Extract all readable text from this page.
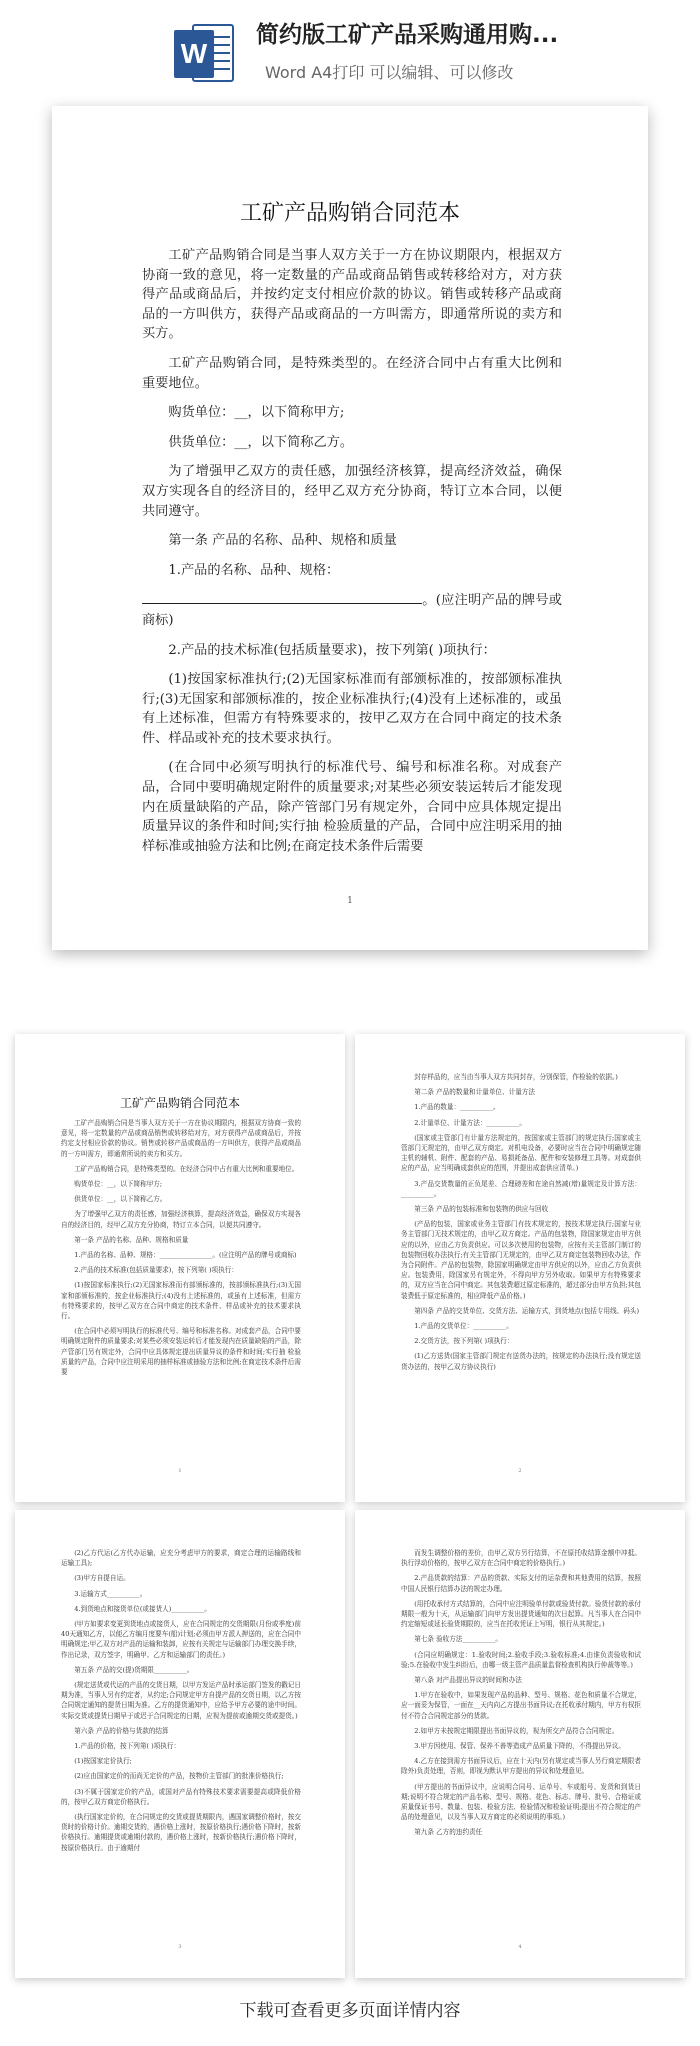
W
简约版工矿产品采购通用购...
Word A4打印 可以编辑、可以修改
工矿产品购销合同范本

工矿产品购销合同是当事人双方关于一方在协议期限内，根据双方协商一致的意见，将一定数量的产品或商品销售或转移给对方，对方获得产品或商品后，并按约定支付相应价款的协议。销售或转移产品或商品的一方叫供方，获得产品或商品的一方叫需方，即通常所说的卖方和买方。

工矿产品购销合同，是特殊类型的。在经济合同中占有重大比例和重要地位。

购货单位：__，以下简称甲方;

供货单位：__，以下简称乙方。

为了增强甲乙双方的责任感，加强经济核算，提高经济效益，确保双方实现各自的经济目的，经甲乙双方充分协商，特订立本合同，以便共同遵守。

第一条 产品的名称、品种、规格和质量

1.产品的名称、品种、规格：

。(应注明产品的牌号或商标)

2.产品的技术标准(包括质量要求)，按下列第( )项执行：

(1)按国家标准执行;(2)无国家标准而有部颁标准的，按部颁标准执行;(3)无国家和部颁标准的，按企业标准执行;(4)没有上述标准的，或虽有上述标准，但需方有特殊要求的，按甲乙双方在合同中商定的技术条件、样品或补充的技术要求执行。

(在合同中必须写明执行的标准代号、编号和标准名称。对成套产品，合同中要明确规定附件的质量要求;对某些必须安装运转后才能发现内在质量缺陷的产品，除产管部门另有规定外，合同中应具体规定提出质量异议的条件和时间;实行抽 检验质量的产品，合同中应注明采用的抽样标准或抽验方法和比例;在商定技术条件后需要

1
工矿产品购销合同范本

工矿产品购销合同是当事人双方关于一方在协议期限内，根据双方协商一致的意见，将一定数量的产品或商品销售或转移给对方，对方获得产品或商品后，并按约定支付相应价款的协议。销售或转移产品或商品的一方叫供方，获得产品或商品的一方叫需方，即通常所说的卖方和买方。

工矿产品购销合同，是特殊类型的。在经济合同中占有重大比例和重要地位。

购货单位：__，以下简称甲方;

供货单位：__，以下简称乙方。

为了增强甲乙双方的责任感，加强经济核算，提高经济效益，确保双方实现各自的经济目的，经甲乙双方充分协商，特订立本合同，以便共同遵守。

第一条 产品的名称、品种、规格和质量

1.产品的名称、品种、规格：________________。(应注明产品的牌号或商标)

2.产品的技术标准(包括质量要求)，按下列第( )项执行：

(1)按国家标准执行;(2)无国家标准而有部颁标准的，按部颁标准执行;(3)无国家和部颁标准的，按企业标准执行;(4)没有上述标准的，或虽有上述标准，但需方有特殊要求的，按甲乙双方在合同中商定的技术条件、样品或补充的技术要求执行。

(在合同中必须写明执行的标准代号、编号和标准名称。对成套产品，合同中要明确规定附件的质量要求;对某些必须安装运转后才能发现内在质量缺陷的产品，除产管部门另有规定外，合同中应具体规定提出质量异议的条件和时间;实行抽 检验质量的产品，合同中应注明采用的抽样标准或抽验方法和比例;在商定技术条件后需要

1

封存样品的，应当由当事人双方共同封存，分别保管，作检验的依据。)

第二条 产品的数量和计量单位、计量方法

1.产品的数量：__________。

2.计量单位、计量方法：__________。

(国家或主管部门有计量方法规定的，按国家或主管部门的规定执行;国家或主管部门无规定的，由甲乙双方商定。对机电设备，必要时应当在合同中明确规定随主机的辅机、附件、配套的产品、易损耗备品、配件和安装修理工具等。对成套供应的产品，应当明确成套供应的范围，并提出成套供应清单。)

3.产品交货数量的正负尾差、合理磅差和在途自然减(增)量规定及计算方法：__________。

第三条 产品的包装标准和包装物的供应与回收

(产品的包装，国家或业务主管部门有技术规定的，按技术规定执行;国家与业务主管部门无技术规定的，由甲乙双方商定。产品的包装物，除国家规定由甲方供应的以外，应由乙方负责供应。可以多次使用的包装物，应按有关主管部门制订的包装物回收办法执行;有关主管部门无规定的，由甲乙双方商定包装物回收办法，作为合同附件。产品的包装物，除国家明确规定由甲方供应的以外，应由乙方负责供应。包装费用，除国家另有规定外，不得向甲方另外收取。如果甲方有特殊要求的，双方应当在合同中商定。其包装费超过原定标准的，超过部分由甲方负担;其包装费低于原定标准的，相应降低产品价格。)

第四条 产品的交货单位、交货方法、运输方式，到货地点(包括专用线、码头)

1.产品的交货单位：__________。

2.交货方法，按下列第( )项执行：

(1)乙方送货(国家主管部门规定有送货办法的，按规定的办法执行;没有规定送货办法的，按甲乙双方协议执行)

2

(2)乙方代运(乙方代办运输，应充分考虑甲方的要求，商定合理的运输路线和运输工具);

(3)甲方自提自运。

3.运输方式__________。

4.到货地点和接货单位(或接货人)__________。

(甲方如要求变更到货地点或接货人，应在合同规定的交货期限(月份或季度)前40天通知乙方，以便乙方编月度要车(船)计划;必须由甲方派人押送的，应在合同中明确规定;甲乙双方对产品的运输和装卸，应按有关规定与运输部门办理交换手续，作出记录，双方签字，明确甲、乙方和运输部门的责任。)

第五条 产品的交(提)货期限__________。

(规定送货或代运的产品的交货日期，以甲方发运产品时承运部门签发的戳记日期为准，当事人另有约定者，从约定;合同规定甲方自提产品的交货日期，以乙方按合同规定通知的提货日期为准。乙方的提货通知中，应给予甲方必要的途中时间。实际交货或提货日期早于或迟于合同规定的日期，应视为提前或逾期交货或提货。)

第六条 产品的价格与货款的结算

1.产品的价格，按下列第( )项执行：

(1)按国家定价执行;

(2)应由国家定价的而尚无定价的产品，按物价主管部门的批准价格执行;

(3)不属于国家定价的产品，或国对产品有特殊技术要求需要提高或降低价格的，按甲乙双方商定价格执行。

(执行国家定价的，在合同规定的交货或提货期限内，遇国家调整价格时，按交货时的价格计价。逾期交货的，遇价格上涨时，按原价格执行;遇价格下降时，按新价格执行。逾期提货或逾期付款的，遇价格上涨时，按新价格执行;遇价格下降时，按原价格执行。由于逾期付

3

而发生调整价格的差价，由甲乙双方另行结算，不在原托收结算金额中冲抵。执行浮动价格的，按甲乙双方在合同中商定的价格执行。)

2.产品货款的结算：产品的货款、实际支付的运杂费和其他费用的结算，按照中国人民银行结算办法的规定办理。

(用托收承付方式结算的，合同中应注明验单付款或验货付款。验货付款的承付期限一般为十天，从运输部门向甲方发出提货通知的次日起算。凡当事人在合同中约定缩短或延长验货期限的，应当在托收凭证上写明，银行从其规定。)

第七条 验收方法__________。

(合同应明确规定：1.验收时间;2.验收手段;3.验收标准;4.由谁负责验收和试验;5.在验收中发生纠纷后，由哪一级主管产品质量监督检查机构执行仲裁等等。)

第八条 对产品提出异议的时间和办法

1.甲方在验收中，如果发现产品的品种、型号、规格、花色和质量不合规定，应一面妥为保管，一面在__天内向乙方提出书面异议;在托收承付期内，甲方有权拒付不符合合同规定部分的货款。

2.如甲方未按规定期限提出书面异议的，视为所交产品符合合同规定。

3.甲方因使用、保管、保养不善等造成产品质量下降的，不得提出异议。

4.乙方在接到需方书面异议后，应在十天内(另有规定或当事人另行商定期限者除外)负责处理，否则，即视为默认甲方提出的异议和处理意见。

(甲方提出的书面异议中，应说明合同号、运单号、车或船号、发货和到货日期;说明不符合规定的产品名称、型号、规格、花色、标志、牌号、批号、合格证或质量保证书号、数量、包装、检验方法、检验情况和检验证明;提出不符合规定的产品的处理意见，以及当事人双方商定的必须说明的事项。)

第九条 乙方的违约责任

4
下载可查看更多页面详情内容
